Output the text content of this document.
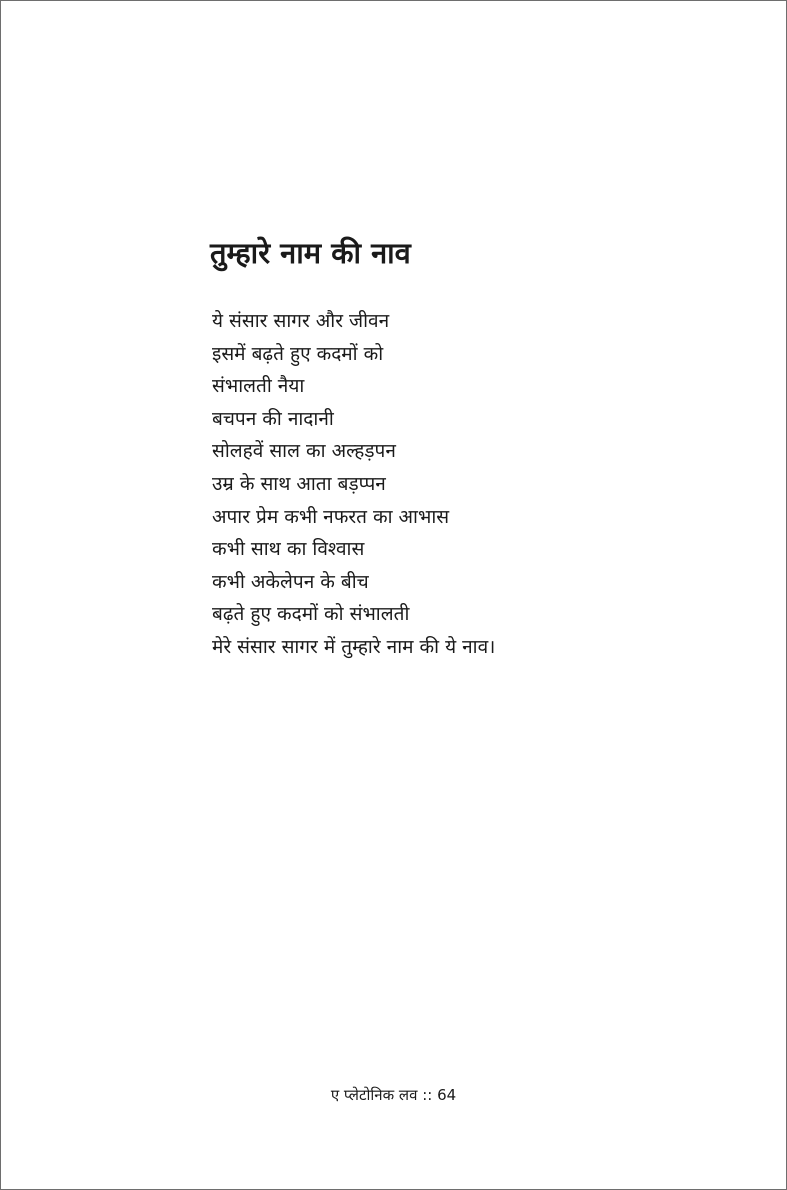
तुम्हारे नाम की नाव
ये संसार सागर और जीवन
इसमें बढ़ते हुए कदमों को
संभालती नैया
बचपन की नादानी
सोलहवें साल का अल्हड़पन
उम्र के साथ आता बड़प्पन
अपार प्रेम कभी नफरत का आभास
कभी साथ का विश्वास
कभी अकेलेपन के बीच
बढ़ते हुए कदमों को संभालती
मेरे संसार सागर में तुम्हारे नाम की ये नाव।
ए प्लेटोनिक लव :: 64
